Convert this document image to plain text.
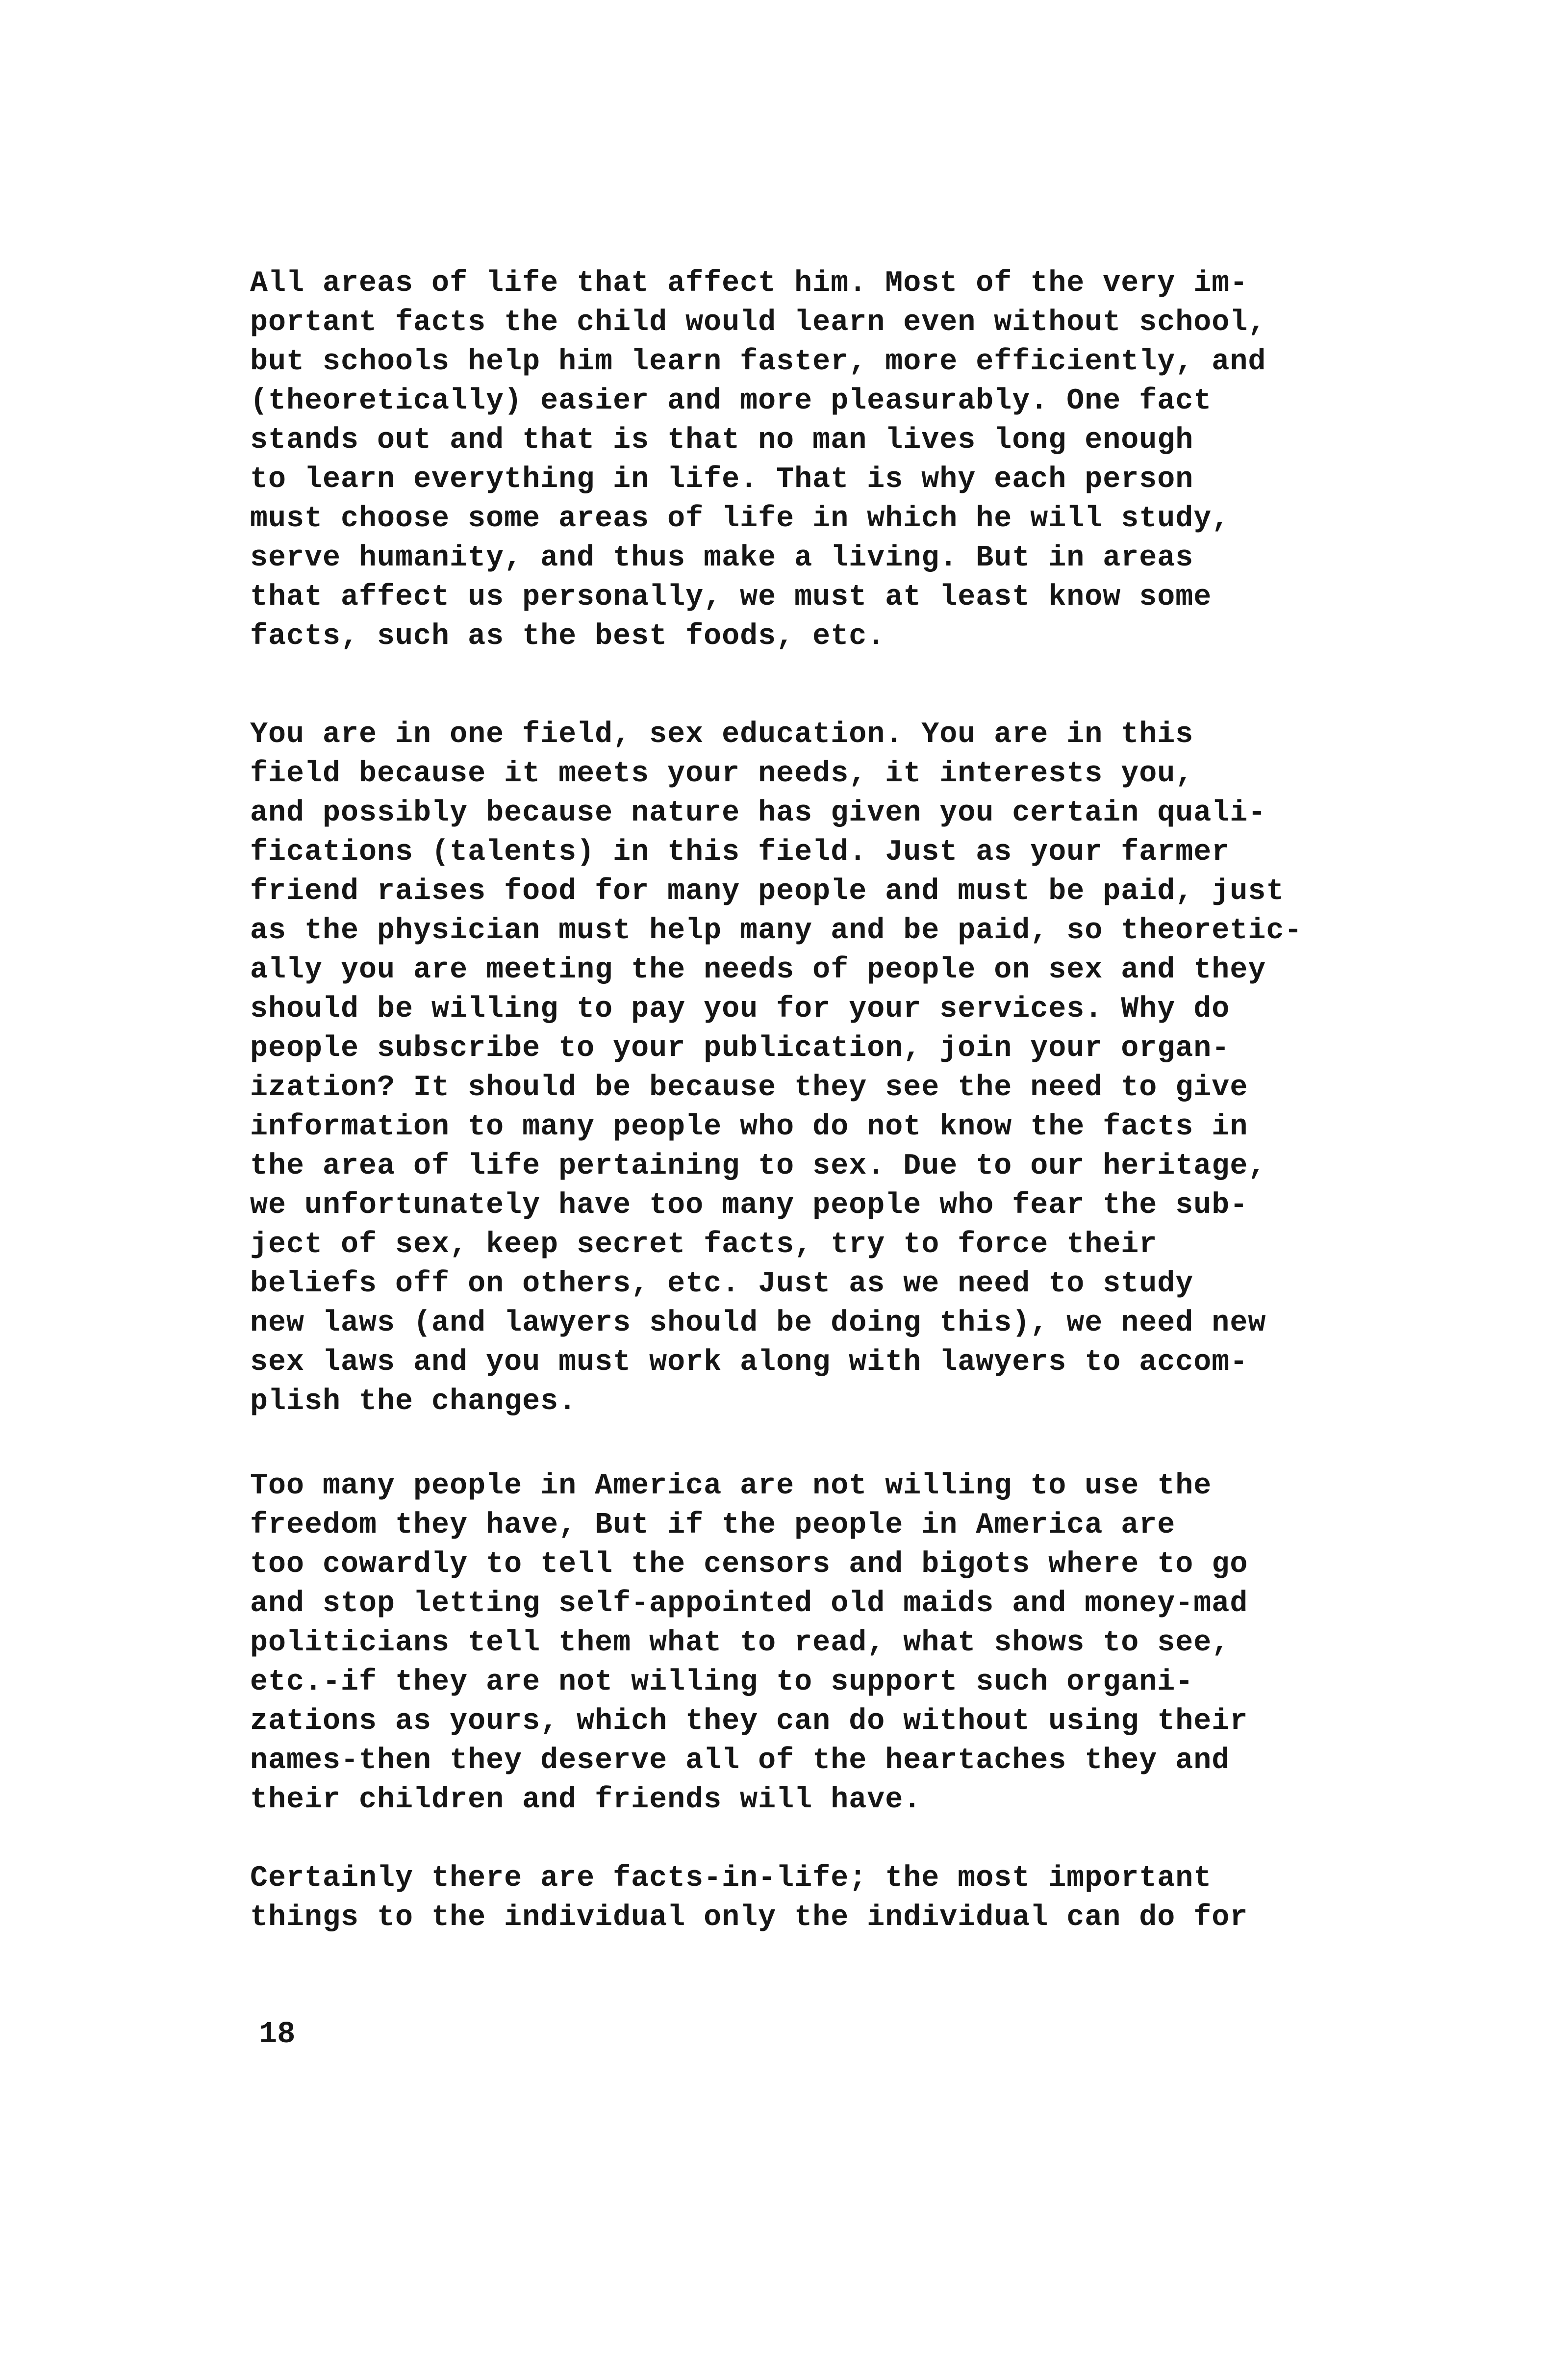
All areas of life that affect him. Most of the very im-
portant facts the child would learn even without school,
but schools help him learn faster, more efficiently, and
(theoretically) easier and more pleasurably. One fact
stands out and that is that no man lives long enough
to learn everything in life. That is why each person
must choose some areas of life in which he will study,
serve humanity, and thus make a living. But in areas
that affect us personally, we must at least know some
facts, such as the best foods, etc.
You are in one field, sex education. You are in this
field because it meets your needs, it interests you,
and possibly because nature has given you certain quali-
fications (talents) in this field. Just as your farmer
friend raises food for many people and must be paid, just
as the physician must help many and be paid, so theoretic-
ally you are meeting the needs of people on sex and they
should be willing to pay you for your services. Why do
people subscribe to your publication, join your organ-
ization? It should be because they see the need to give
information to many people who do not know the facts in
the area of life pertaining to sex. Due to our heritage,
we unfortunately have too many people who fear the sub-
ject of sex, keep secret facts, try to force their
beliefs off on others, etc. Just as we need to study
new laws (and lawyers should be doing this), we need new
sex laws and you must work along with lawyers to accom-
plish the changes.
Too many people in America are not willing to use the
freedom they have, But if the people in America are
too cowardly to tell the censors and bigots where to go
and stop letting self-appointed old maids and money-mad
politicians tell them what to read, what shows to see,
etc.-if they are not willing to support such organi-
zations as yours, which they can do without using their
names-then they deserve all of the heartaches they and
their children and friends will have.
Certainly there are facts-in-life; the most important
things to the individual only the individual can do for
18
